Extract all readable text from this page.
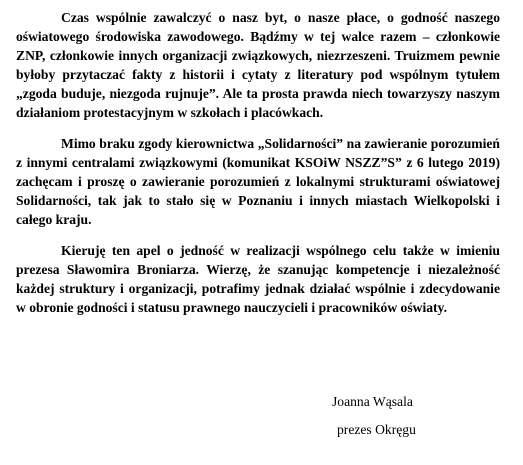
Czas wspólnie zawalczyć o nasz byt, o nasze płace, o godność naszego oświatowego środowiska zawodowego. Bądźmy w tej walce razem – członkowie ZNP, członkowie innych organizacji związkowych, niezrzeszeni. Truizmem pewnie byłoby przytaczać fakty z historii i cytaty z literatury pod wspólnym tytułem „zgoda buduje, niezgoda rujnuje”. Ale ta prosta prawda niech towarzyszy naszym działaniom protestacyjnym w szkołach i placówkach.

Mimo braku zgody kierownictwa „Solidarności” na zawieranie porozumień z innymi centralami związkowymi (komunikat KSOiW NSZZ”S” z 6 lutego 2019) zachęcam i proszę o zawieranie porozumień z lokalnymi strukturami oświatowej Solidarności, tak jak to stało się w Poznaniu i innych miastach Wielkopolski i całego kraju.

Kieruję ten apel o jedność w realizacji wspólnego celu także w imieniu prezesa Sławomira Broniarza. Wierzę, że szanując kompetencje i niezależność każdej struktury i organizacji, potrafimy jednak działać wspólnie i zdecydowanie w obronie godności i statusu prawnego nauczycieli i pracowników oświaty.

Joanna Wąsala
prezes Okręgu
